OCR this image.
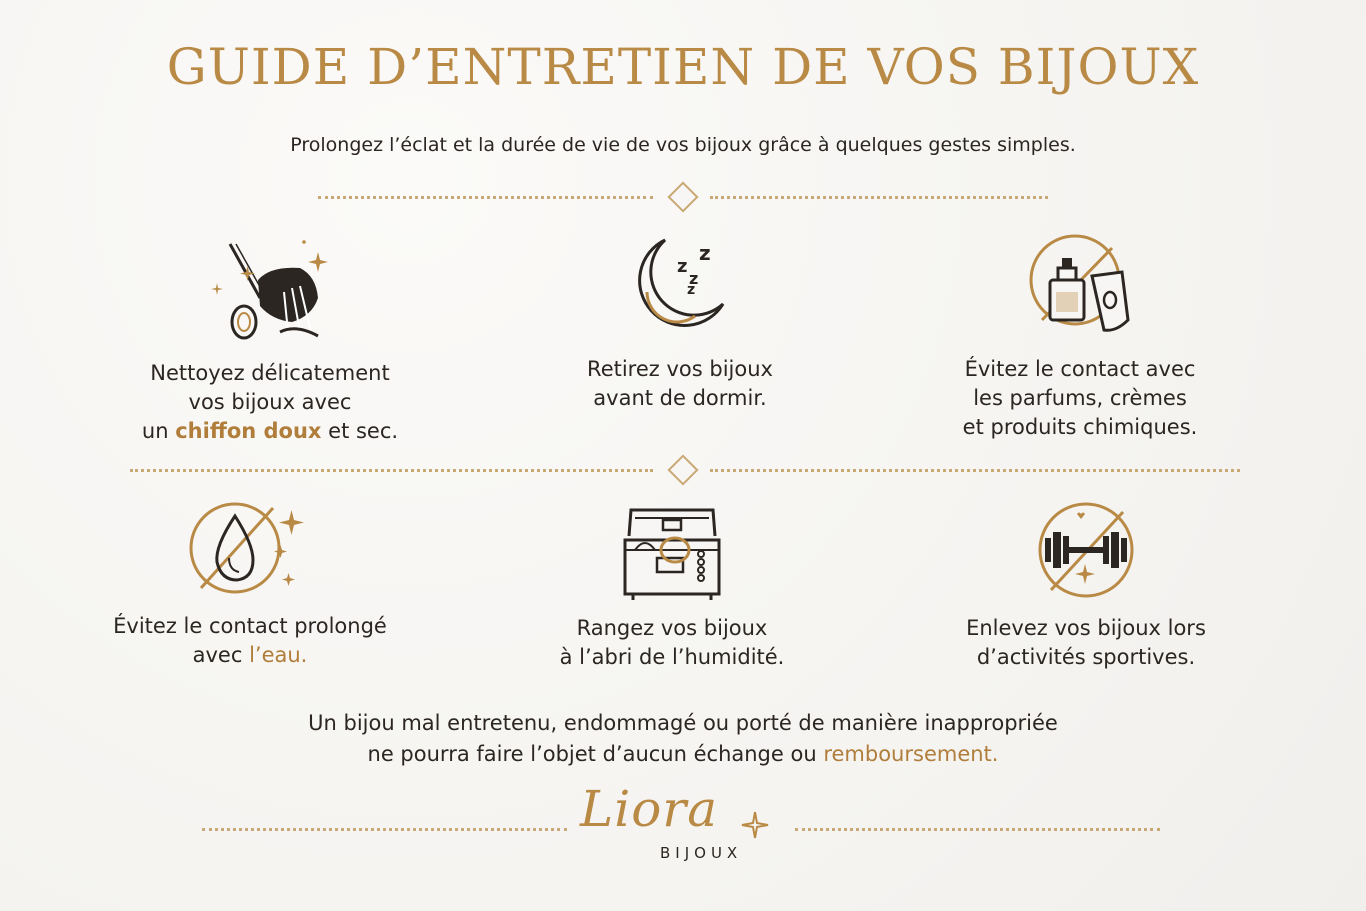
GUIDE D’ENTRETIEN DE VOS BIJOUX
Prolongez l’éclat et la durée de vie de vos bijoux grâce à quelques gestes simples.
Nettoyez délicatement
vos bijoux avec
un chiffon doux et sec.
z
z
z
z
Retirez vos bijoux
avant de dormir.
Évitez le contact avec
les parfums, crèmes
et produits chimiques.
Évitez le contact prolongé
avec l’eau.
Rangez vos bijoux
à l’abri de l’humidité.
Enlevez vos bijoux lors
d’activités sportives.
Un bijou mal entretenu, endommagé ou porté de manière inappropriée
ne pourra faire l’objet d’aucun échange ou remboursement.
Liora
BIJOUX
